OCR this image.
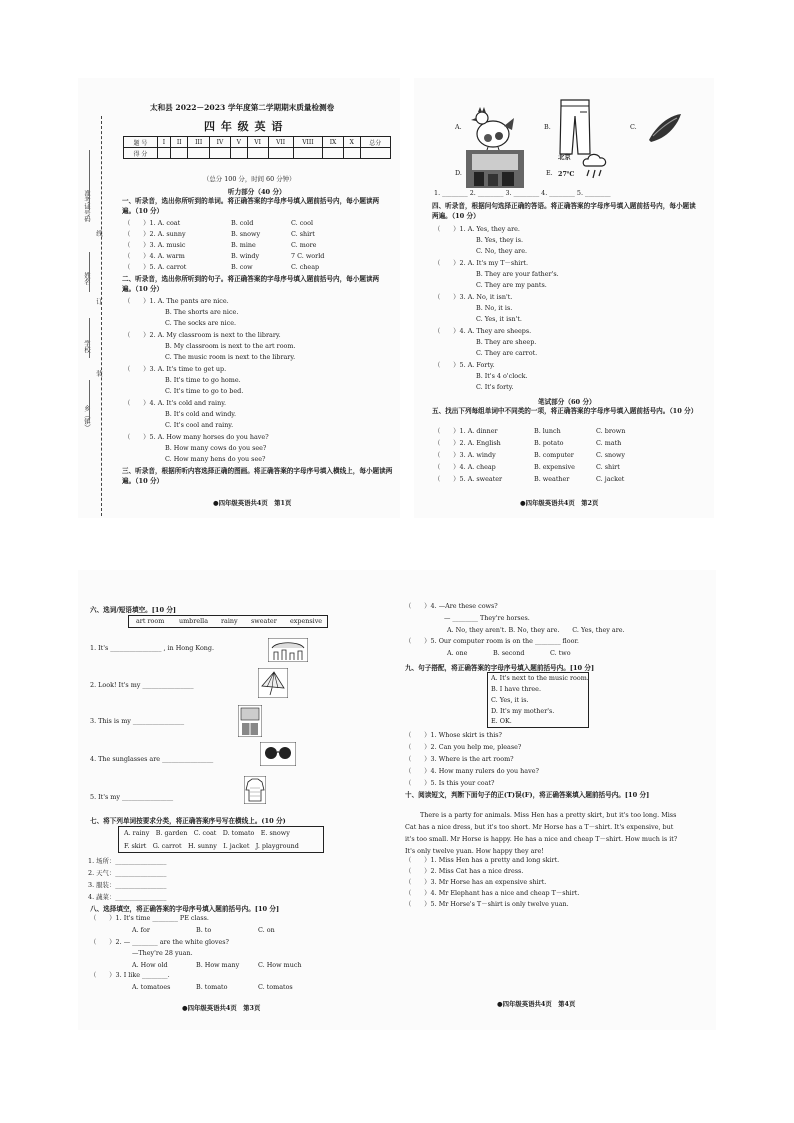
准考证号码
姓名
学校
乡（镇）
线
订
装
太和县 2022－2023 学年度第二学期期末质量检测卷
四 年 级 英 语
题 号	I	II	III	IV	V	VI	VII	VIII	IX	X	总分
得 分											
（总分 100 分，时间 60 分钟）
听力部分（40 分）
一、听录音，选出你所听到的单词。将正确答案的字母序号填入题前括号内，每小题读两遍。（10 分）
（　　）1. A. coat	B. cold	C. cool
（　　）2. A. sunny	B. snowy	C. shirt
（　　）3. A. music	B. mine	C. more
（　　）4. A. warm	B. windy	7 C. world
（　　）5. A. carrot	B. cow	C. cheap
二、听录音，选出你所听到的句子。将正确答案的字母序号填入题前括号内，每小题读两遍。（10 分）
（　　）1. A. The pants are nice.
B. The shorts are nice.
C. The socks are nice.
（　　）2. A. My classroom is next to the library.
B. My classroom is next to the art room.
C. The music room is next to the library.
（　　）3. A. It's time to get up.
B. It's time to go home.
C. It's time to go to bed.
（　　）4. A. It's cold and rainy.
B. It's cold and windy.
C. It's cool and rainy.
（　　）5. A. How many horses do you have?
B. How many cows do you see?
C. How many hens do you see?
三、听录音，根据所听内容选择正确的图画。将正确答案的字母序号填入横线上，每小题读两遍。（10 分）
●四年级英语共4页　第1页
A.	B.	C.
D.	E.
北京
27℃
1. ________ 2. ________ 3. ________ 4. ________ 5. ________
四、听录音，根据问句选择正确的答语。将正确答案的字母序号填入题前括号内，每小题读两遍。（10 分）
（　　）1. A. Yes, they are.
B. Yes, they is.
C. No, they are.
（　　）2. A. It's my T－shirt.
B. They are your father's.
C. They are my pants.
（　　）3. A. No, it isn't.
B. No, it is.
C. Yes, it isn't.
（　　）4. A. They are sheeps.
B. They are sheep.
C. They are carrot.
（　　）5. A. Forty.
B. It's 4 o'clock.
C. It's forty.
笔试部分（60 分）
五、找出下列每组单词中不同类的一项，将正确答案的字母序号填入题前括号内。（10 分）
（　　）1. A. dinner	B. lunch	C. brown
（　　）2. A. English	B. potato	C. math
（　　）3. A. windy	B. computer	C. snowy
（　　）4. A. cheap	B. expensive	C. shirt
（　　）5. A. sweater	B. weather	C. jacket
●四年级英语共4页　第2页
六、选词/短语填空。[10 分]
art room umbrella rainy sweater expensive
1. It's ________________ , in Hong Kong.
2. Look! It's my ________________
3. This is my ________________
4. The sunglasses are ________________
5. It's my ________________
七、将下列单词按要求分类，将正确答案序号写在横线上。(10 分)
A. rainy　B. garden　C. coat　D. tomato　E. snowy
F. skirt　G. carrot　H. sunny　I. jacket　J. playground
1. 场所：________________
2. 天气：________________
3. 服装：________________
4. 蔬菜：________________
八、选择填空，将正确答案的字母序号填入题前括号内。[10 分]
（　　）1. It's time ________ PE class.
A. for	B. to	C. on
（　　）2. — ________ are the white gloves?
—They're 28 yuan.
A. How old	B. How many	C. How much
（　　）3. I like ________.
A. tomatoes	B. tomato	C. tomatos
●四年级英语共4页　第3页
（　　）4. —Are these cows?
— ________ They're horses.
A. No, they aren't. B. No, they are.　　C. Yes, they are.
（　　）5. Our computer room is on the ________ floor.
A. one　　　　B. second　　　　C. two
九、句子搭配，将正确答案的字母序号填入题前括号内。[10 分]
A. It's next to the music room.
B. I have three.
C. Yes, it is.
D. It's my mother's.
E. OK.
（　　）1. Whose skirt is this?
（　　）2. Can you help me, please?
（　　）3. Where is the art room?
（　　）4. How many rulers do you have?
（　　）5. Is this your coat?
十、阅读短文，判断下面句子的正(T)误(F)，将正确答案填入题前括号内。[10 分]
There is a party for animals. Miss Hen has a pretty skirt, but it's too long. Miss
Cat has a nice dress, but it's too short. Mr Horse has a T－shirt. It's expensive, but
it's too small. Mr Horse is happy. He has a nice and cheap T－shirt. How much is it?
It's only twelve yuan. How happy they are!
（　　）1. Miss Hen has a pretty and long skirt.
（　　）2. Miss Cat has a nice dress.
（　　）3. Mr Horse has an expensive shirt.
（　　）4. Mr Elephant has a nice and cheap T－shirt.
（　　）5. Mr Horse's T－shirt is only twelve yuan.
●四年级英语共4页　第4页
